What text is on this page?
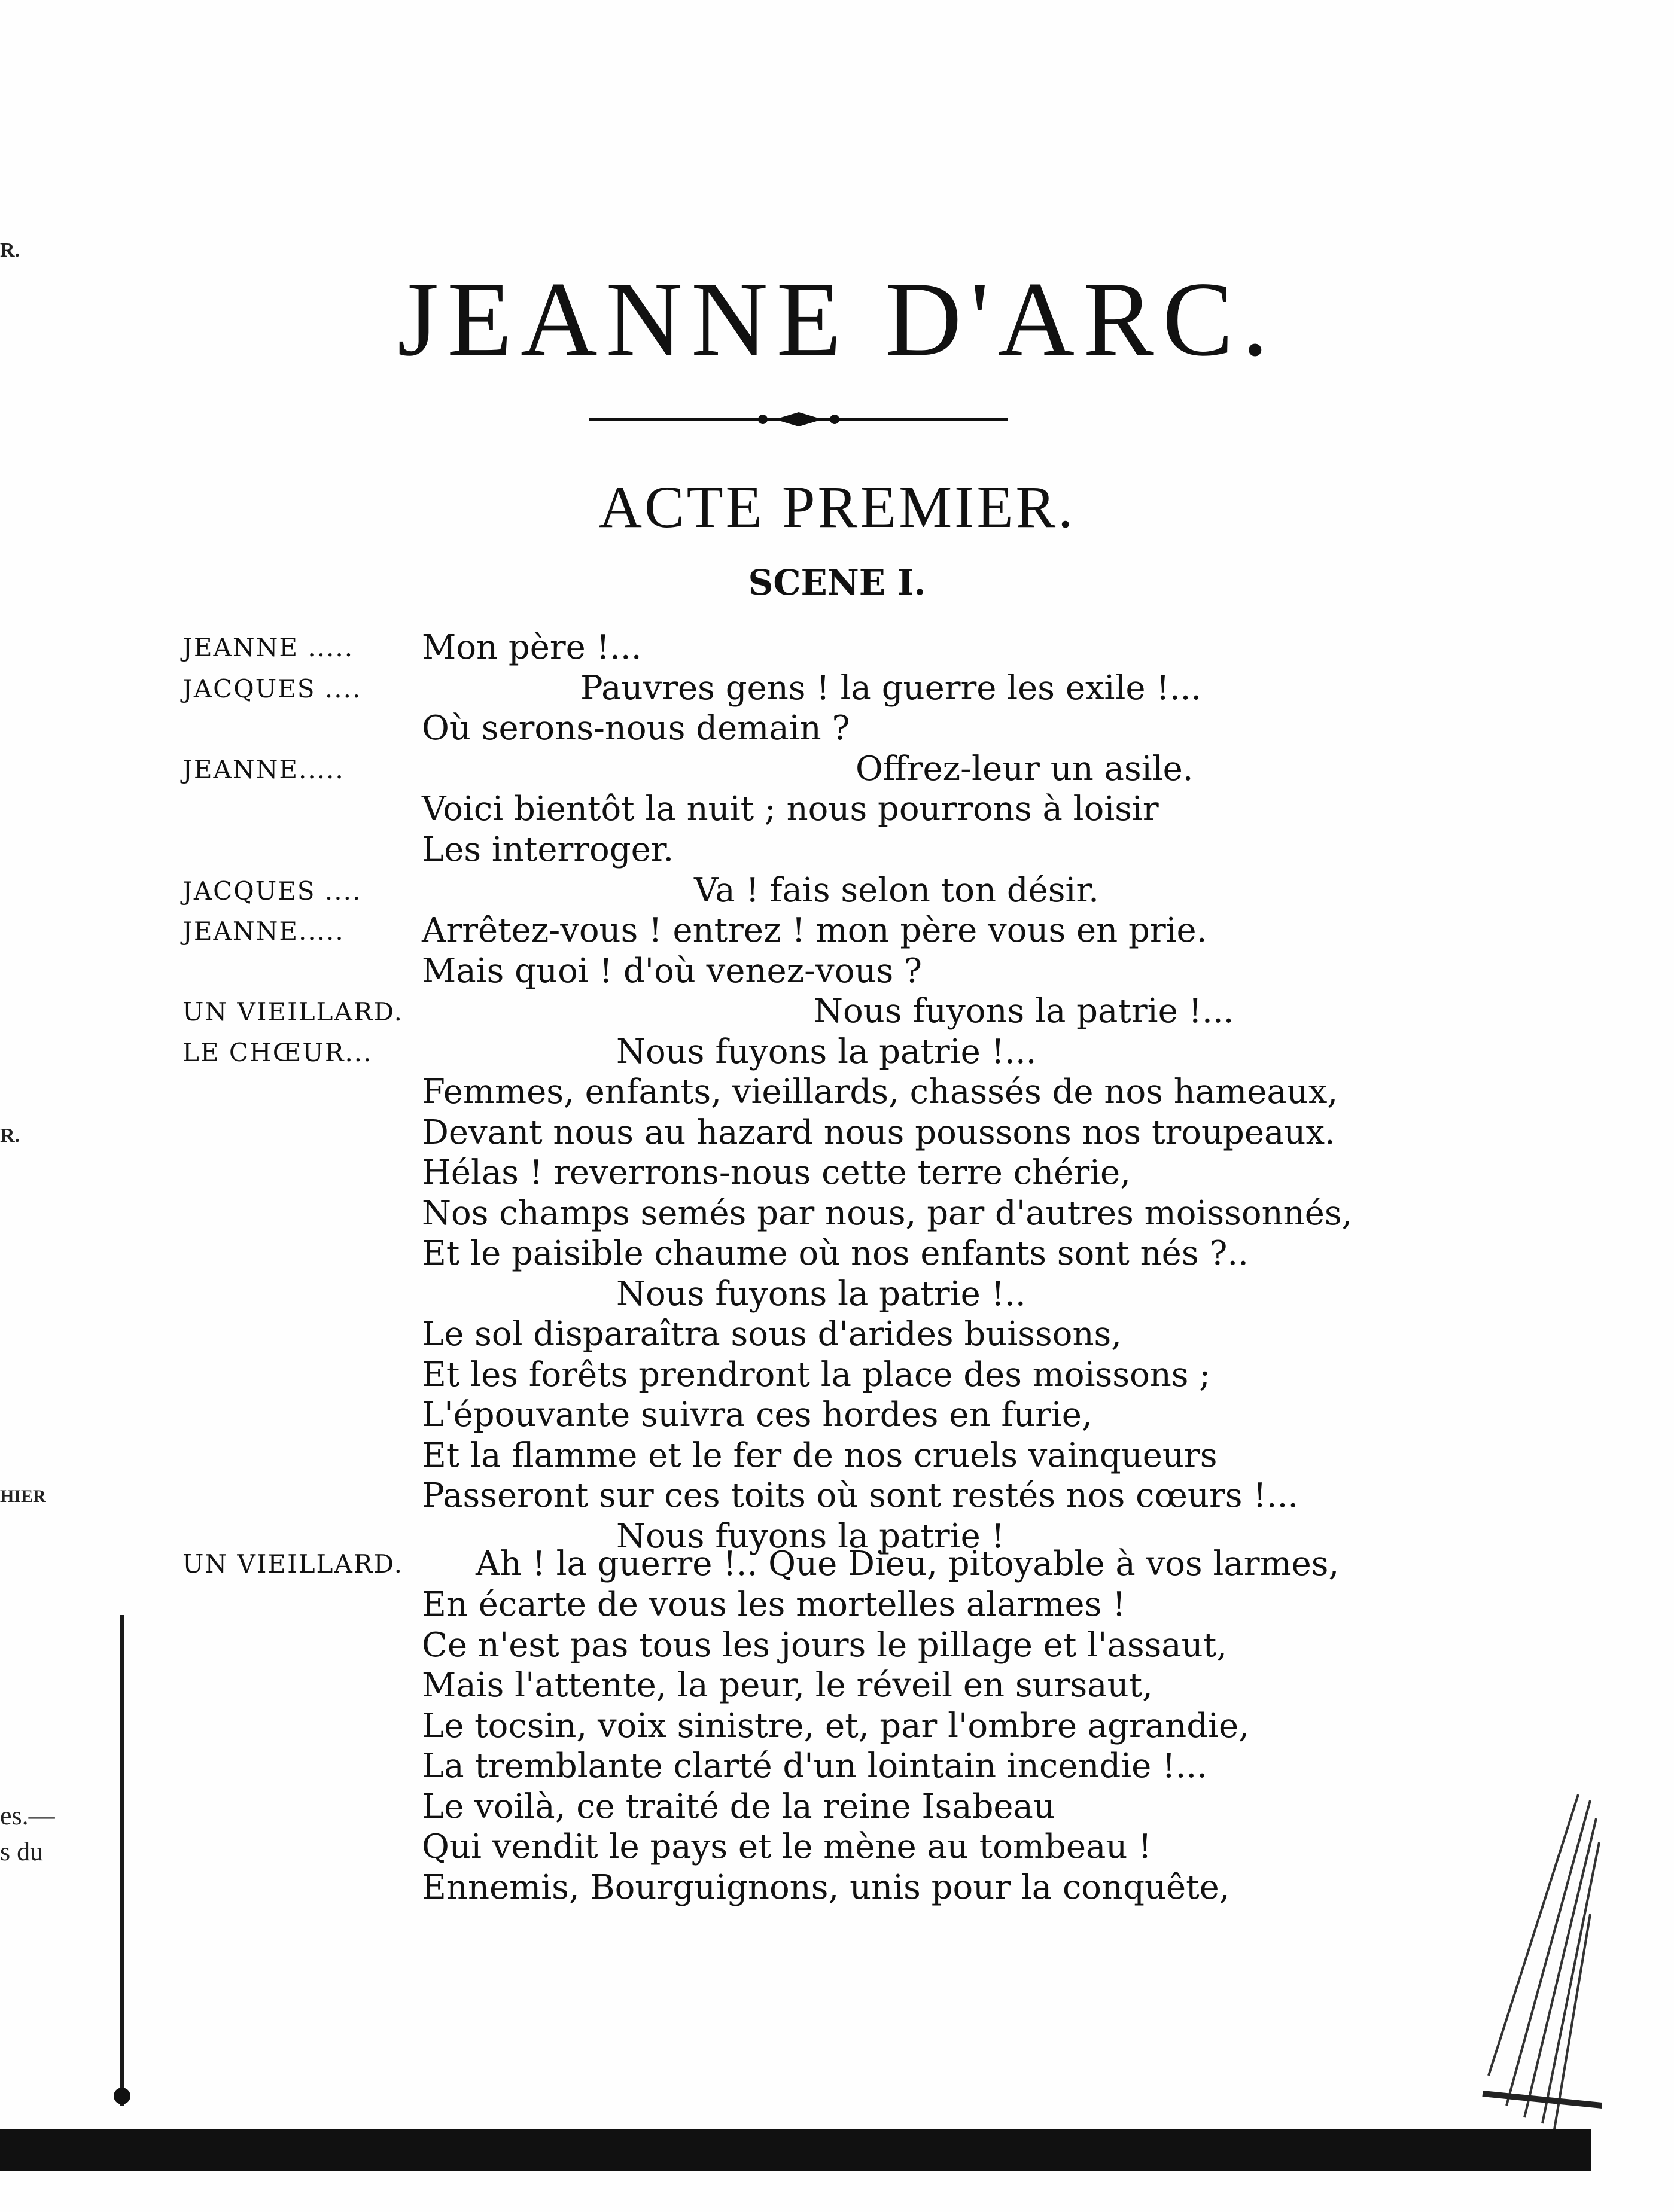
R.
R.
HIER
es.—
s du
JEANNE D'ARC.
ACTE PREMIER.
SCENE I.
JEANNE .....
JACQUES ....
JEANNE.....
JACQUES ....
JEANNE.....
UN VIEILLARD.
LE CHŒUR...
UN VIEILLARD.
Mon père !...
Pauvres gens ! la guerre les exile !...
Où serons-nous demain ?
Offrez-leur un asile.
Voici bientôt la nuit ; nous pourrons à loisir
Les interroger.
Va ! fais selon ton désir.
Arrêtez-vous ! entrez ! mon père vous en prie.
Mais quoi ! d'où venez-vous ?
Nous fuyons la patrie !...
Nous fuyons la patrie !...
Femmes, enfants, vieillards, chassés de nos hameaux,
Devant nous au hazard nous poussons nos troupeaux.
Hélas ! reverrons-nous cette terre chérie,
Nos champs semés par nous, par d'autres moissonnés,
Et le paisible chaume où nos enfants sont nés ?..
Nous fuyons la patrie !..
Le sol disparaîtra sous d'arides buissons,
Et les forêts prendront la place des moissons ;
L'épouvante suivra ces hordes en furie,
Et la flamme et le fer de nos cruels vainqueurs
Passeront sur ces toits où sont restés nos cœurs !...
Nous fuyons la patrie !
Ah ! la guerre !.. Que Dieu, pitoyable à vos larmes,
En écarte de vous les mortelles alarmes !
Ce n'est pas tous les jours le pillage et l'assaut,
Mais l'attente, la peur, le réveil en sursaut,
Le tocsin, voix sinistre, et, par l'ombre agrandie,
La tremblante clarté d'un lointain incendie !...
Le voilà, ce traité de la reine Isabeau
Qui vendit le pays et le mène au tombeau !
Ennemis, Bourguignons, unis pour la conquête,
